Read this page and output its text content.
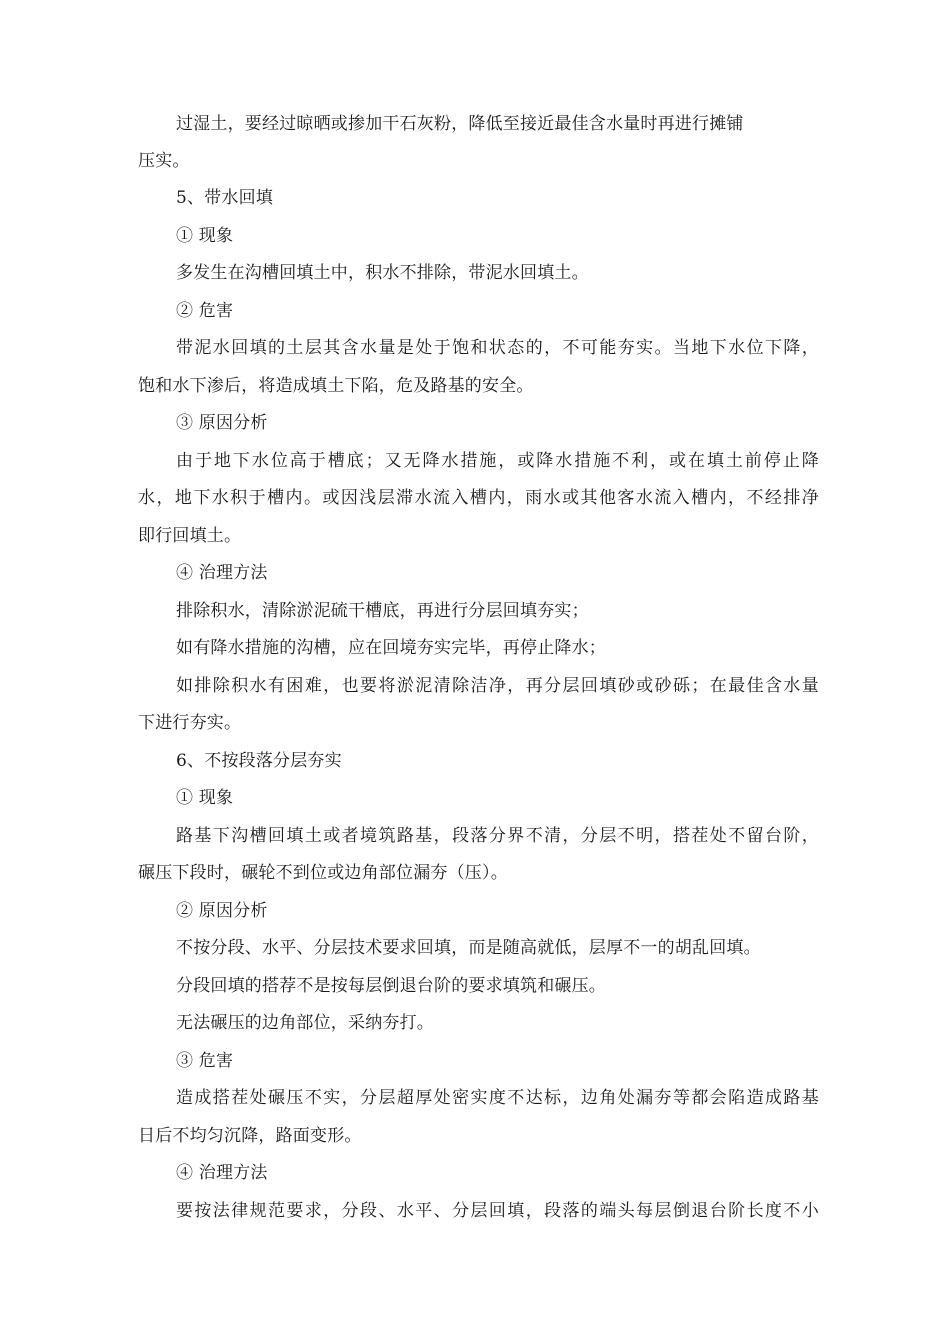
过湿土，要经过晾晒或掺加干石灰粉，降低至接近最佳含水量时再进行摊铺
压实。
5、带水回填
① 现象
多发生在沟槽回填土中，积水不排除，带泥水回填土。
② 危害
带泥水回填的土层其含水量是处于饱和状态的，不可能夯实。当地下水位下降，
饱和水下渗后，将造成填土下陷，危及路基的安全。
③ 原因分析
由于地下水位高于槽底；又无降水措施，或降水措施不利，或在填土前停止降
水，地下水积于槽内。或因浅层滞水流入槽内，雨水或其他客水流入槽内，不经排净
即行回填土。
④ 治理方法
排除积水，清除淤泥硫干槽底，再进行分层回填夯实；
如有降水措施的沟槽，应在回境夯实完毕，再停止降水；
如排除积水有困难，也要将淤泥清除洁净，再分层回填砂或砂砾；在最佳含水量
下进行夯实。
6、不按段落分层夯实
① 现象
路基下沟槽回填土或者境筑路基，段落分界不清，分层不明，搭茬处不留台阶，
碾压下段时，碾轮不到位或边角部位漏夯（压）。
② 原因分析
不按分段、水平、分层技术要求回填，而是随高就低，层厚不一的胡乱回填。
分段回填的搭荐不是按每层倒退台阶的要求填筑和碾压。
无法碾压的边角部位，采纳夯打。
③ 危害
造成搭茬处碾压不实，分层超厚处密实度不达标，边角处漏夯等都会陷造成路基
日后不均匀沉降，路面变形。
④ 治理方法
要按法律规范要求，分段、水平、分层回填，段落的端头每层倒退台阶长度不小
